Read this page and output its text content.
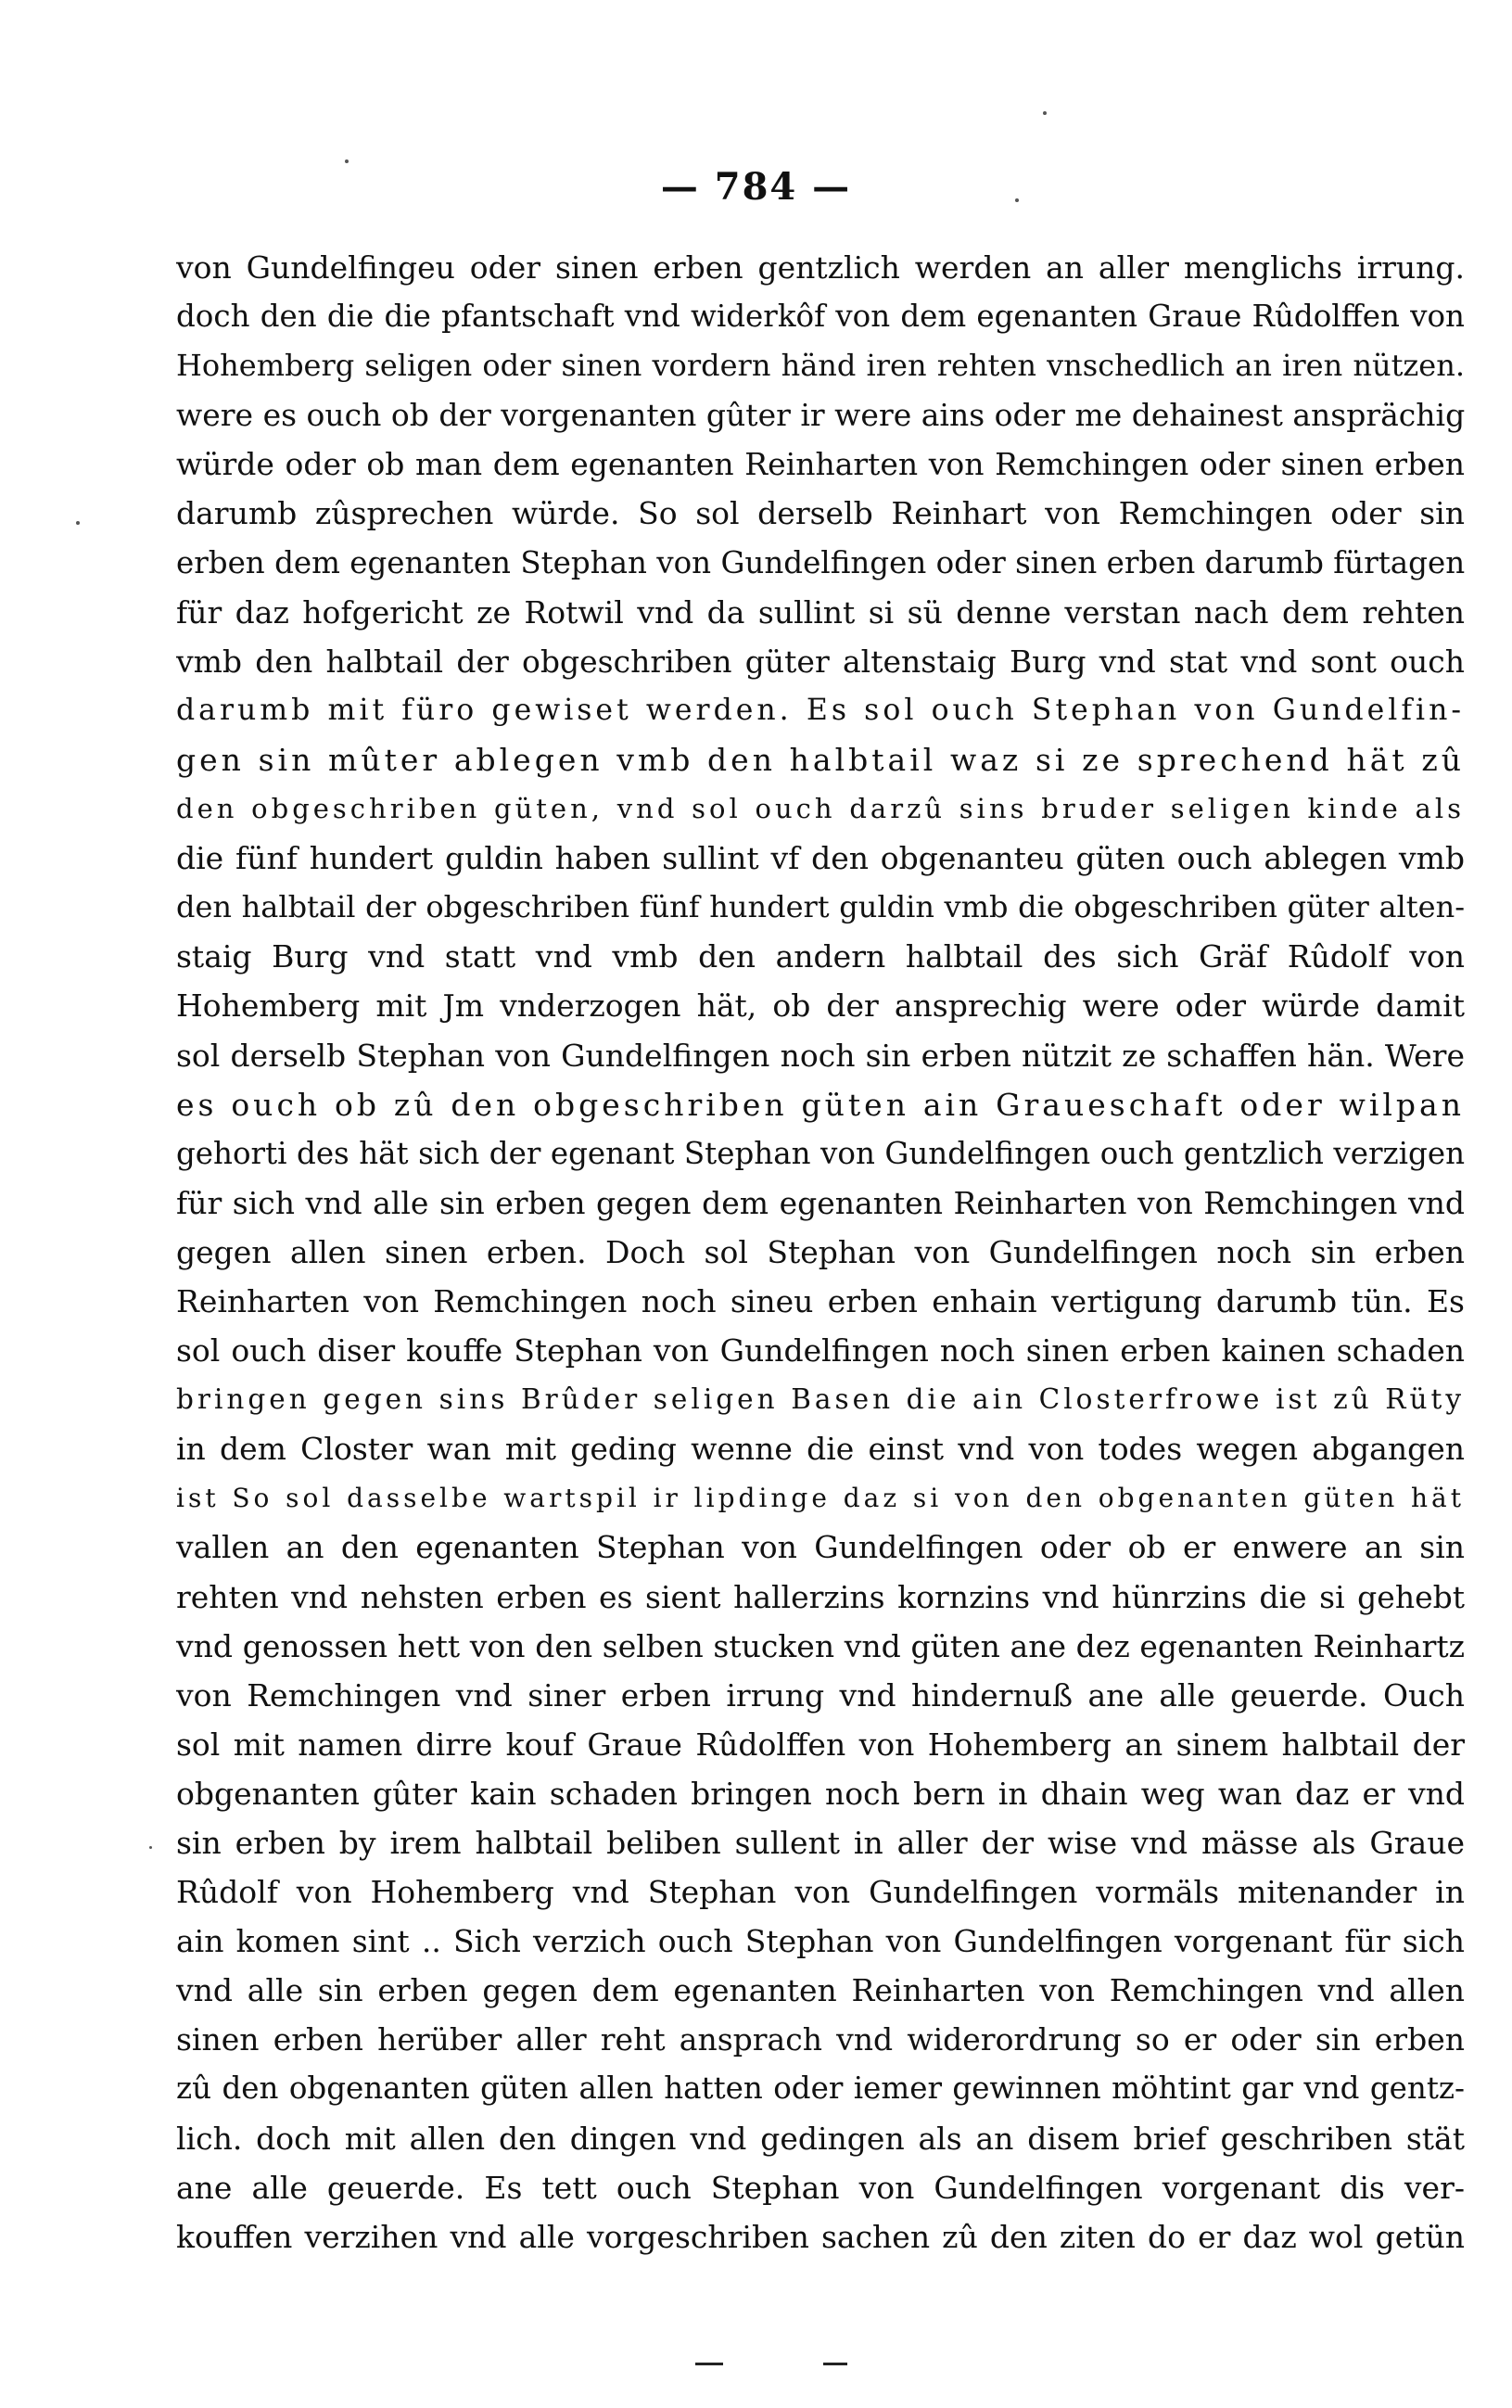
— 784 —
von Gundelfingeu oder sinen erben gentzlich werden an aller menglichs irrung.
doch den die die pfantschaft vnd widerkôf von dem egenanten Graue Rûdolffen von
Hohemberg seligen oder sinen vordern händ iren rehten vnschedlich an iren nützen.
were es ouch ob der vorgenanten gûter ir were ains oder me dehainest ansprächig
würde oder ob man dem egenanten Reinharten von Remchingen oder sinen erben
darumb zûsprechen würde. So sol derselb Reinhart von Remchingen oder sin
erben dem egenanten Stephan von Gundelfingen oder sinen erben darumb fürtagen
für daz hofgericht ze Rotwil vnd da sullint si sü denne verstan nach dem rehten
vmb den halbtail der obgeschriben güter altenstaig Burg vnd stat vnd sont ouch
darumb mit füro gewiset werden. Es sol ouch Stephan von Gundelfin-
gen sin mûter ablegen vmb den halbtail waz si ze sprechend hät zû
den obgeschriben güten, vnd sol ouch darzû sins bruder seligen kinde als
die fünf hundert guldin haben sullint vf den obgenanteu güten ouch ablegen vmb
den halbtail der obgeschriben fünf hundert guldin vmb die obgeschriben güter alten-
staig Burg vnd statt vnd vmb den andern halbtail des sich Gräf Rûdolf von
Hohemberg mit Jm vnderzogen hät, ob der ansprechig were oder würde damit
sol derselb Stephan von Gundelfingen noch sin erben nützit ze schaffen hän. Were
es ouch ob zû den obgeschriben güten ain Graueschaft oder wilpan
gehorti des hät sich der egenant Stephan von Gundelfingen ouch gentzlich verzigen
für sich vnd alle sin erben gegen dem egenanten Reinharten von Remchingen vnd
gegen allen sinen erben. Doch sol Stephan von Gundelfingen noch sin erben
Reinharten von Remchingen noch sineu erben enhain vertigung darumb tün. Es
sol ouch diser kouffe Stephan von Gundelfingen noch sinen erben kainen schaden
bringen gegen sins Brûder seligen Basen die ain Closterfrowe ist zû Rüty
in dem Closter wan mit geding wenne die einst vnd von todes wegen abgangen
ist So sol dasselbe wartspil ir lipdinge daz si von den obgenanten güten hät
vallen an den egenanten Stephan von Gundelfingen oder ob er enwere an sin
rehten vnd nehsten erben es sient hallerzins kornzins vnd hünrzins die si gehebt
vnd genossen hett von den selben stucken vnd güten ane dez egenanten Reinhartz
von Remchingen vnd siner erben irrung vnd hindernuß ane alle geuerde. Ouch
sol mit namen dirre kouf Graue Rûdolffen von Hohemberg an sinem halbtail der
obgenanten gûter kain schaden bringen noch bern in dhain weg wan daz er vnd
sin erben by irem halbtail beliben sullent in aller der wise vnd mässe als Graue
Rûdolf von Hohemberg vnd Stephan von Gundelfingen vormäls mitenander in
ain komen sint .. Sich verzich ouch Stephan von Gundelfingen vorgenant für sich
vnd alle sin erben gegen dem egenanten Reinharten von Remchingen vnd allen
sinen erben herüber aller reht ansprach vnd widerordrung so er oder sin erben
zû den obgenanten güten allen hatten oder iemer gewinnen möhtint gar vnd gentz-
lich. doch mit allen den dingen vnd gedingen als an disem brief geschriben stät
ane alle geuerde. Es tett ouch Stephan von Gundelfingen vorgenant dis ver-
kouffen verzihen vnd alle vorgeschriben sachen zû den ziten do er daz wol getün
